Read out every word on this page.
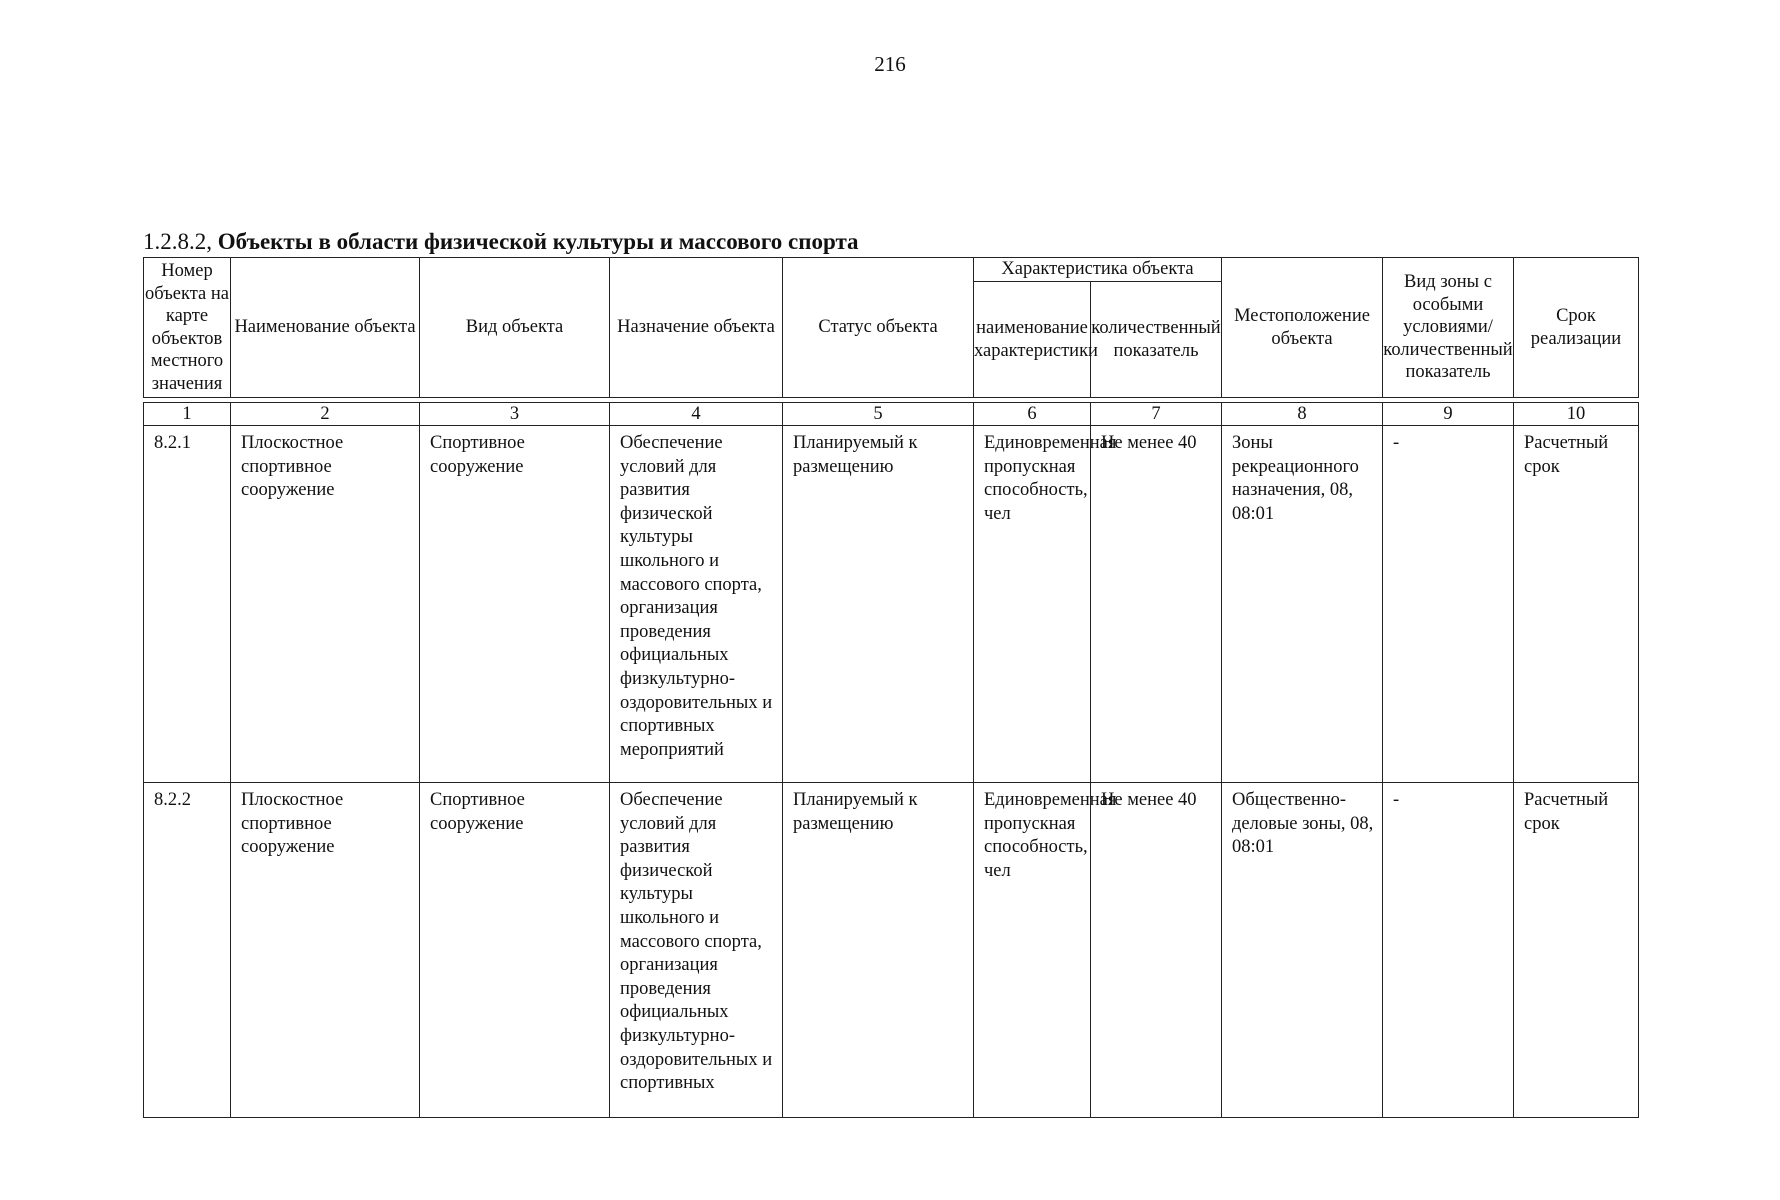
216
1.2.8.2, Объекты в области физической культуры и массового спорта
Номер объекта на карте объектов местного значения	Наименование объекта	Вид объекта	Назначение объекта	Статус объекта	Характеристика объекта		Местоположение объекта	Вид зоны с особыми условиями/ количественный показатель	Срок реализации
					наименование характеристики	количественный показатель			
1	2	3	4	5	6	7	8	9	10

8.2.1	Плоскостное спортивное сооружение	Спортивное сооружение	Обеспечение условий для развития физической культуры школьного и массового спорта, организация проведения официальных физкультурно-оздоровительных и спортивных мероприятий	Планируемый к размещению	Единовременная пропускная способность, чел	Не менее 40	Зоны рекреационного назначения, 08, 08:01	-	Расчетный срок

8.2.2	Плоскостное спортивное сооружение	Спортивное сооружение	Обеспечение условий для развития физической культуры школьного и массового спорта, организация проведения официальных физкультурно-оздоровительных и спортивных	Планируемый к размещению	Единовременная пропускная способность, чел	Не менее 40	Общественно-деловые зоны, 08, 08:01	-	Расчетный срок
